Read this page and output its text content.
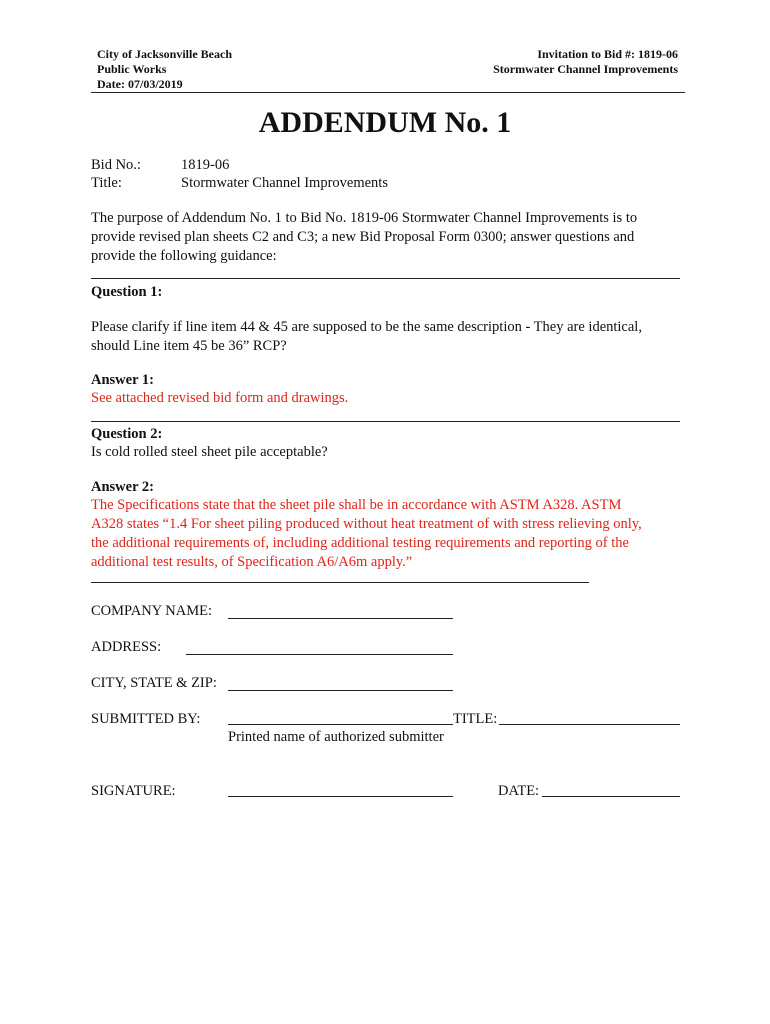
City of Jacksonville Beach
Public Works
Date: 07/03/2019
Invitation to Bid #: 1819-06
Stormwater Channel Improvements
ADDENDUM No. 1
Bid No.:	1819-06
Title:	Stormwater Channel Improvements
The purpose of Addendum No. 1 to Bid No. 1819-06 Stormwater Channel Improvements is to
provide revised plan sheets C2 and C3; a new Bid Proposal Form 0300; answer questions and
provide the following guidance:
Question 1:
Please clarify if line item 44 & 45 are supposed to be the same description - They are identical,
should Line item 45 be 36” RCP?
Answer 1:
See attached revised bid form and drawings.
Question 2:
Is cold rolled steel sheet pile acceptable?
Answer 2:
The Specifications state that the sheet pile shall be in accordance with ASTM A328. ASTM
A328 states “1.4 For sheet piling produced without heat treatment of with stress relieving only,
the additional requirements of, including additional testing requirements and reporting of the
additional test results, of Specification A6/A6m apply.”
COMPANY NAME:
ADDRESS:
CITY, STATE & ZIP:
SUBMITTED BY:	TITLE:
Printed name of authorized submitter
SIGNATURE:	DATE:
